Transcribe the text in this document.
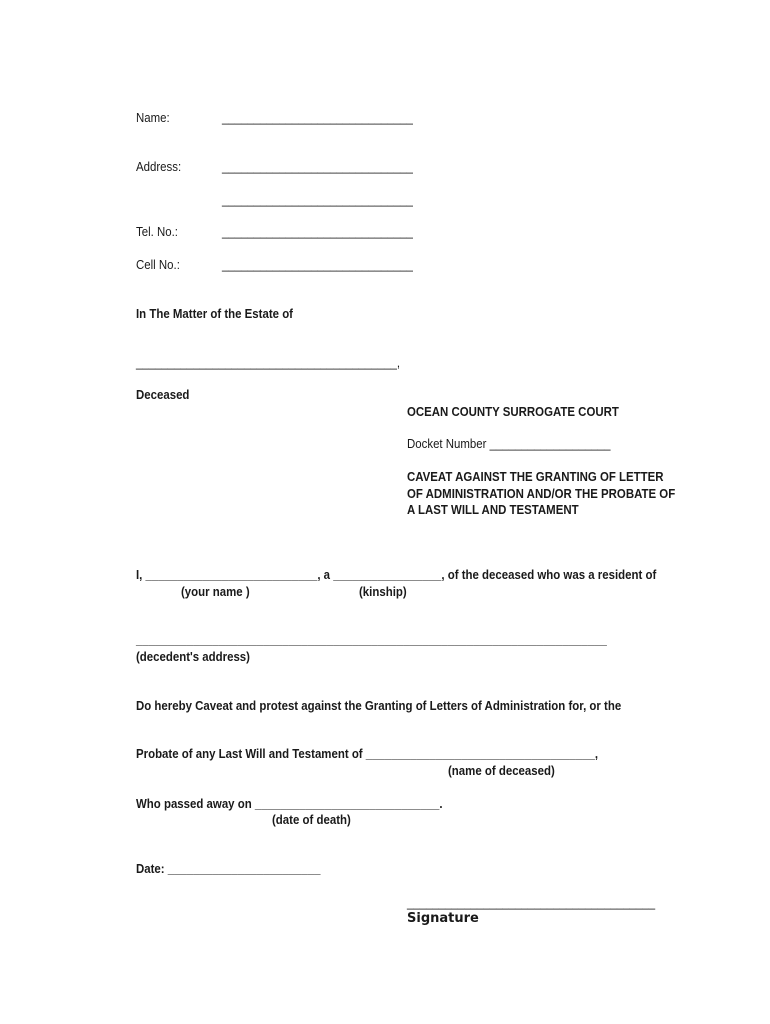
Name:	______________________________
Address:	______________________________
______________________________
Tel. No.:	______________________________
Cell No.:	______________________________
In The Matter of the Estate of
_________________________________________,
Deceased
OCEAN COUNTY SURROGATE COURT
Docket Number ___________________
CAVEAT AGAINST THE GRANTING OF LETTER
OF ADMINISTRATION AND/OR THE PROBATE OF
A LAST WILL AND TESTAMENT
I, ___________________________, a _________________, of the deceased who was a resident of
(your name )	(kinship)
__________________________________________________________________________
(decedent's address)
Do hereby Caveat and protest against the Granting of Letters of Administration for, or the
Probate of any Last Will and Testament of ____________________________________,
(name of deceased)
Who passed away on _____________________________.
(date of death)
Date: ________________________
_______________________________________
Signature
